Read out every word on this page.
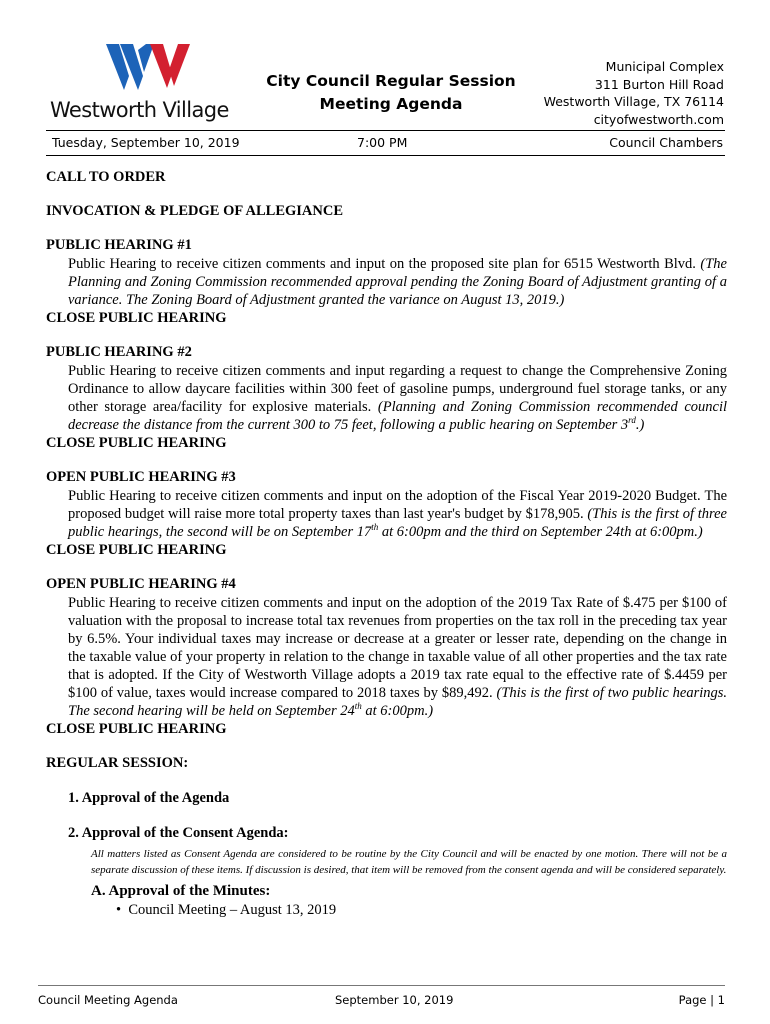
Westworth Village
City Council Regular Session
Meeting Agenda
Municipal Complex
311 Burton Hill Road
Westworth Village, TX 76114
cityofwestworth.com
Tuesday, September 10, 2019	7:00 PM	Council Chambers

CALL TO ORDER

INVOCATION & PLEDGE OF ALLEGIANCE

PUBLIC HEARING #1

Public Hearing to receive citizen comments and input on the proposed site plan for 6515 Westworth Blvd. (The Planning and Zoning Commission recommended approval pending the Zoning Board of Adjustment granting of a variance. The Zoning Board of Adjustment granted the variance on August 13, 2019.)

CLOSE PUBLIC HEARING

PUBLIC HEARING #2

Public Hearing to receive citizen comments and input regarding a request to change the Comprehensive Zoning Ordinance to allow daycare facilities within 300 feet of gasoline pumps, underground fuel storage tanks, or any other storage area/facility for explosive materials. (Planning and Zoning Commission recommended council decrease the distance from the current 300 to 75 feet, following a public hearing on September 3rd.)

CLOSE PUBLIC HEARING

OPEN PUBLIC HEARING #3

Public Hearing to receive citizen comments and input on the adoption of the Fiscal Year 2019-2020 Budget. The proposed budget will raise more total property taxes than last year's budget by $178,905. (This is the first of three public hearings, the second will be on September 17th at 6:00pm and the third on September 24th at 6:00pm.)

CLOSE PUBLIC HEARING

OPEN PUBLIC HEARING #4

Public Hearing to receive citizen comments and input on the adoption of the 2019 Tax Rate of $.475 per $100 of valuation with the proposal to increase total tax revenues from properties on the tax roll in the preceding tax year by 6.5%. Your individual taxes may increase or decrease at a greater or lesser rate, depending on the change in the taxable value of your property in relation to the change in taxable value of all other properties and the tax rate that is adopted. If the City of Westworth Village adopts a 2019 tax rate equal to the effective rate of $.4459 per $100 of value, taxes would increase compared to 2018 taxes by $89,492. (This is the first of two public hearings. The second hearing will be held on September 24th at 6:00pm.)

CLOSE PUBLIC HEARING

REGULAR SESSION:

1. Approval of the Agenda

2. Approval of the Consent Agenda:

All matters listed as Consent Agenda are considered to be routine by the City Council and will be enacted by one motion. There will not be a separate discussion of these items. If discussion is desired, that item will be removed from the consent agenda and will be considered separately.

A. Approval of the Minutes:

• Council Meeting – August 13, 2019

Council Meeting Agenda	September 10, 2019	Page | 1
